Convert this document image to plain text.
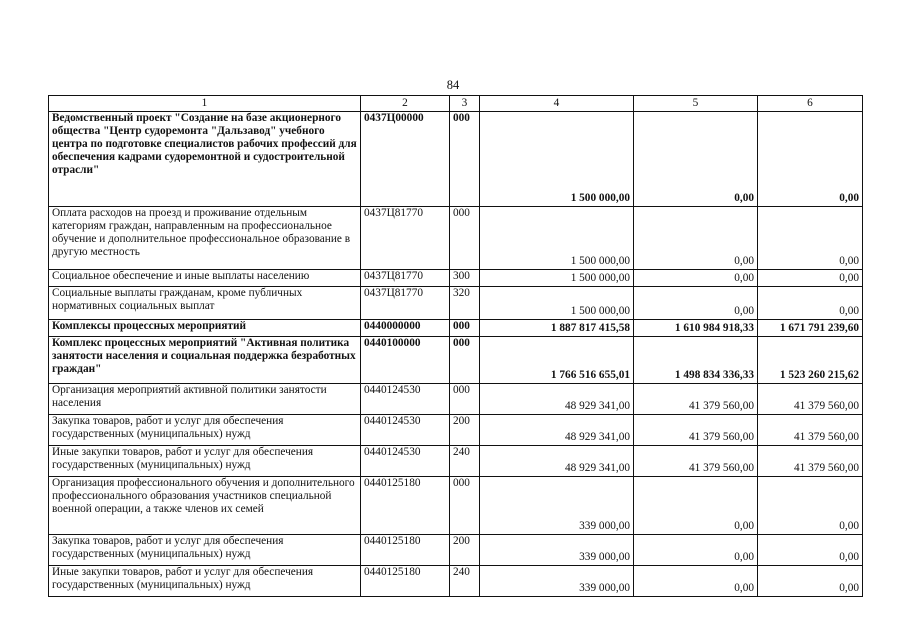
84
1	2	3	4	5	6
Ведомственный проект "Создание на базе акционерного общества "Центр судоремонта "Дальзавод" учебного центра по подготовке специалистов рабочих профессий для обеспечения кадрами судоремонтной и судостроительной отрасли"	0437Ц00000	000	1 500 000,00	0,00	0,00
Оплата расходов на проезд и проживание отдельным категориям граждан, направленным на профессиональное обучение и дополнительное профессиональное образование в другую местность	0437Ц81770	000	1 500 000,00	0,00	0,00
Социальное обеспечение и иные выплаты населению	0437Ц81770	300	1 500 000,00	0,00	0,00
Социальные выплаты гражданам, кроме публичных нормативных социальных выплат	0437Ц81770	320	1 500 000,00	0,00	0,00
Комплексы процессных мероприятий	0440000000	000	1 887 817 415,58	1 610 984 918,33	1 671 791 239,60
Комплекс процессных мероприятий "Активная политика занятости населения и социальная поддержка безработных граждан"	0440100000	000	1 766 516 655,01	1 498 834 336,33	1 523 260 215,62
Организация мероприятий активной политики занятости населения	0440124530	000	48 929 341,00	41 379 560,00	41 379 560,00
Закупка товаров, работ и услуг для обеспечения государственных (муниципальных) нужд	0440124530	200	48 929 341,00	41 379 560,00	41 379 560,00
Иные закупки товаров, работ и услуг для обеспечения государственных (муниципальных) нужд	0440124530	240	48 929 341,00	41 379 560,00	41 379 560,00
Организация профессионального обучения и дополнительного профессионального образования участников специальной военной операции, а также членов их семей	0440125180	000	339 000,00	0,00	0,00
Закупка товаров, работ и услуг для обеспечения государственных (муниципальных) нужд	0440125180	200	339 000,00	0,00	0,00
Иные закупки товаров, работ и услуг для обеспечения государственных (муниципальных) нужд	0440125180	240	339 000,00	0,00	0,00
